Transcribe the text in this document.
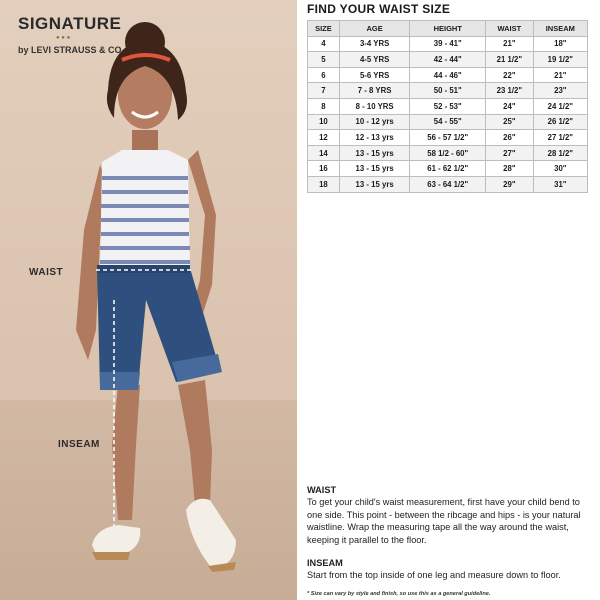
SIGNATURE
● ● ●
by LEVI STRAUSS & CO.
WAIST
INSEAM
FIND YOUR WAIST SIZE
SIZE	AGE	HEIGHT	WAIST	INSEAM
4	3-4 YRS	39 - 41"	21"	18"
5	4-5 YRS	42 - 44"	21 1/2"	19 1/2"
6	5-6 YRS	44 - 46"	22"	21"
7	7 - 8 YRS	50 - 51"	23 1/2"	23"
8	8 - 10 YRS	52 - 53"	24"	24 1/2"
10	10 - 12 yrs	54 - 55"	25"	26 1/2"
12	12 - 13 yrs	56 - 57 1/2"	26"	27 1/2"
14	13 - 15 yrs	58 1/2 - 60"	27"	28 1/2"
16	13 - 15 yrs	61 - 62 1/2"	28"	30"
18	13 - 15 yrs	63 - 64 1/2"	29"	31"
WAIST

To get your child's waist measurement, first have your child bend to one side. This point - between the ribcage and hips - is your natural waistline. Wrap the measuring tape all the way around the waist, keeping it parallel to the floor.

INSEAM

Start from the top inside of one leg and measure down to floor.

* Size can vary by style and finish, so use this as a general guideline.
